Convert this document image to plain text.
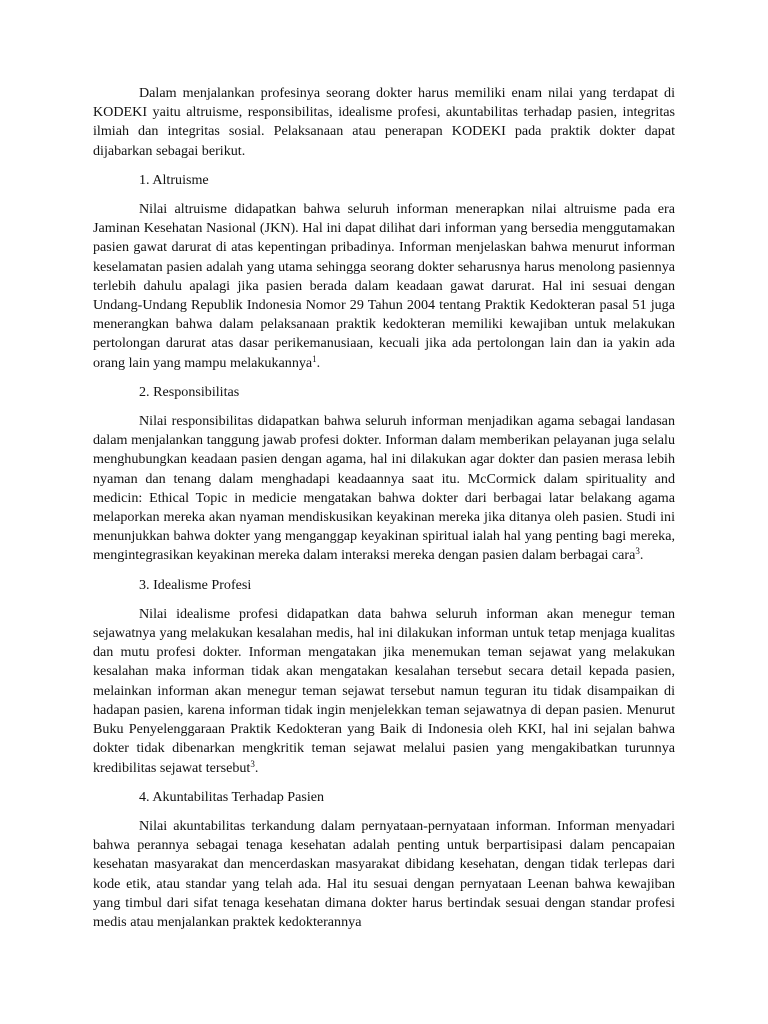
Dalam menjalankan profesinya seorang dokter harus memiliki enam nilai yang terdapat di KODEKI yaitu altruisme, responsibilitas, idealisme profesi, akuntabilitas terhadap pasien, integritas ilmiah dan integritas sosial. Pelaksanaan atau penerapan KODEKI pada praktik dokter dapat dijabarkan sebagai berikut.

1. Altruisme

Nilai altruisme didapatkan bahwa seluruh informan menerapkan nilai altruisme pada era Jaminan Kesehatan Nasional (JKN). Hal ini dapat dilihat dari informan yang bersedia menggutamakan pasien gawat darurat di atas kepentingan pribadinya. Informan menjelaskan bahwa menurut informan keselamatan pasien adalah yang utama sehingga seorang dokter seharusnya harus menolong pasiennya terlebih dahulu apalagi jika pasien berada dalam keadaan gawat darurat. Hal ini sesuai dengan Undang-Undang Republik Indonesia Nomor 29 Tahun 2004 tentang Praktik Kedokteran pasal 51 juga menerangkan bahwa dalam pelaksanaan praktik kedokteran memiliki kewajiban untuk melakukan pertolongan darurat atas dasar perikemanusiaan, kecuali jika ada pertolongan lain dan ia yakin ada orang lain yang mampu melakukannya$^1$.

2. Responsibilitas

Nilai responsibilitas didapatkan bahwa seluruh informan menjadikan agama sebagai landasan dalam menjalankan tanggung jawab profesi dokter. Informan dalam memberikan pelayanan juga selalu menghubungkan keadaan pasien dengan agama, hal ini dilakukan agar dokter dan pasien merasa lebih nyaman dan tenang dalam menghadapi keadaannya saat itu. McCormick dalam spirituality and medicin: Ethical Topic in medicie mengatakan bahwa dokter dari berbagai latar belakang agama melaporkan mereka akan nyaman mendiskusikan keyakinan mereka jika ditanya oleh pasien. Studi ini menunjukkan bahwa dokter yang menganggap keyakinan spiritual ialah hal yang penting bagi mereka, mengintegrasikan keyakinan mereka dalam interaksi mereka dengan pasien dalam berbagai cara$^3$.

3. Idealisme Profesi

Nilai idealisme profesi didapatkan data bahwa seluruh informan akan menegur teman sejawatnya yang melakukan kesalahan medis, hal ini dilakukan informan untuk tetap menjaga kualitas dan mutu profesi dokter. Informan mengatakan jika menemukan teman sejawat yang melakukan kesalahan maka informan tidak akan mengatakan kesalahan tersebut secara detail kepada pasien, melainkan informan akan menegur teman sejawat tersebut namun teguran itu tidak disampaikan di hadapan pasien, karena informan tidak ingin menjelekkan teman sejawatnya di depan pasien. Menurut Buku Penyelenggaraan Praktik Kedokteran yang Baik di Indonesia oleh KKI, hal ini sejalan bahwa dokter tidak dibenarkan mengkritik teman sejawat melalui pasien yang mengakibatkan turunnya kredibilitas sejawat tersebut$^3$.

4. Akuntabilitas Terhadap Pasien

Nilai akuntabilitas terkandung dalam pernyataan-pernyataan informan. Informan menyadari bahwa perannya sebagai tenaga kesehatan adalah penting untuk berpartisipasi dalam pencapaian kesehatan masyarakat dan mencerdaskan masyarakat dibidang kesehatan, dengan tidak terlepas dari kode etik, atau standar yang telah ada. Hal itu sesuai dengan pernyataan Leenan bahwa kewajiban yang timbul dari sifat tenaga kesehatan dimana dokter harus bertindak sesuai dengan standar profesi medis atau menjalankan praktek kedokterannya
